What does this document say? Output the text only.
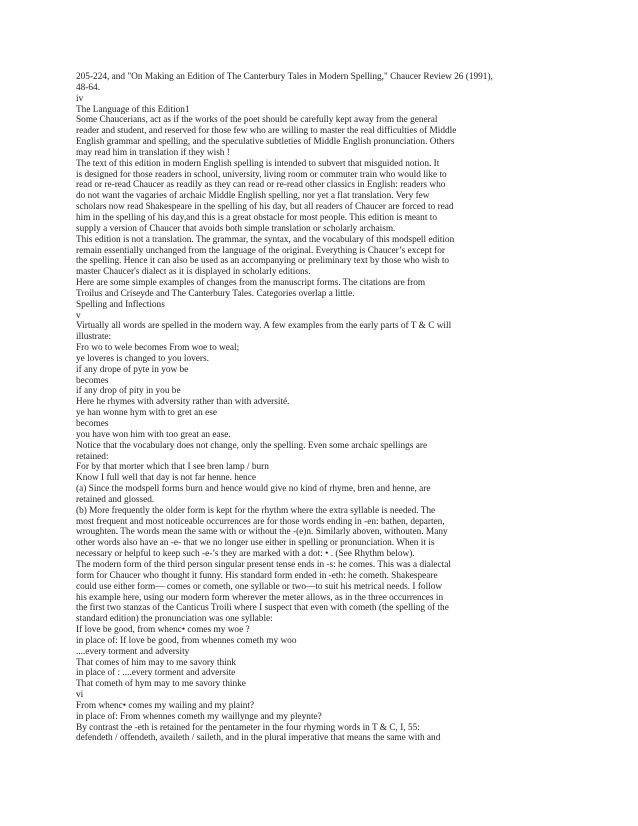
205-224, and "On Making an Edition of The Canterbury Tales in Modern Spelling," Chaucer Review 26 (1991),
48-64.
iv
The Language of this Edition1
Some Chaucerians, act as if the works of the poet should be carefully kept away from the general
reader and student, and reserved for those few who are willing to master the real difficulties of Middle
English grammar and spelling, and the speculative subtleties of Middle English pronunciation. Others
may read him in translation if they wish !
The text of this edition in modern English spelling is intended to subvert that misguided notion. It
is designed for those readers in school, university, living room or commuter train who would like to
read or re-read Chaucer as readily as they can read or re-read other classics in English: readers who
do not want the vagaries of archaic Middle English spelling, nor yet a flat translation. Very few
scholars now read Shakespeare in the spelling of his day, but all readers of Chaucer are forced to read
him in the spelling of his day,and this is a great obstacle for most people. This edition is meant to
supply a version of Chaucer that avoids both simple translation or scholarly archaism.
This edition is not a translation. The grammar, the syntax, and the vocabulary of this modspell edition
remain essentially unchanged from the language of the original. Everything is Chaucer’s except for
the spelling. Hence it can also be used as an accompanying or preliminary text by those who wish to
master Chaucer's dialect as it is displayed in scholarly editions.
Here are some simple examples of changes from the manuscript forms. The citations are from
Troilus and Criseyde and The Canterbury Tales. Categories overlap a little.
Spelling and Inflections
v
Virtually all words are spelled in the modern way. A few examples from the early parts of T & C will
illustrate:
Fro wo to wele becomes From woe to weal;
ye loveres is changed to you lovers.
if any drope of pyte in yow be
becomes
if any drop of pity in you be
Here he rhymes with adversity rather than with adversité.
ye han wonne hym with to gret an ese
becomes
you have won him with too great an ease.
Notice that the vocabulary does not change, only the spelling. Even some archaic spellings are
retained:
For by that morter which that I see bren lamp / burn
Know I full well that day is not far henne. hence
(a) Since the modspell forms burn and hence would give no kind of rhyme, bren and henne, are
retained and glossed.
(b) More frequently the older form is kept for the rhythm where the extra syllable is needed. The
most frequent and most noticeable occurrences are for those words ending in -en: bathen, departen,
wroughten. The words mean the same with or without the -(e)n. Similarly aboven, withouten. Many
other words also have an -e- that we no longer use either in spelling or pronunciation. When it is
necessary or helpful to keep such -e-’s they are marked with a dot: • . (See Rhythm below).
The modern form of the third person singular present tense ends in -s: he comes. This was a dialectal
form for Chaucer who thought it funny. His standard form ended in -eth: he cometh. Shakespeare
could use either form— comes or cometh, one syllable or two—to suit his metrical needs. I follow
his example here, using our modern form wherever the meter allows, as in the three occurrences in
the first two stanzas of the Canticus Troili where I suspect that even with cometh (the spelling of the
standard edition) the pronunciation was one syllable:
If love be good, from whenc• comes my woe ?
in place of: If love be good, from whennes cometh my woo
....every torment and adversity
That comes of him may to me savory think
in place of : ....every torment and adversite
That cometh of hym may to me savory thinke
vi
From whenc• comes my wailing and my plaint?
in place of: From whennes cometh my waillynge and my pleynte?
By contrast the -eth is retained for the pentameter in the four rhyming words in T & C, I, 55:
defendeth / offendeth, availeth / saileth, and in the plural imperative that means the same with and
